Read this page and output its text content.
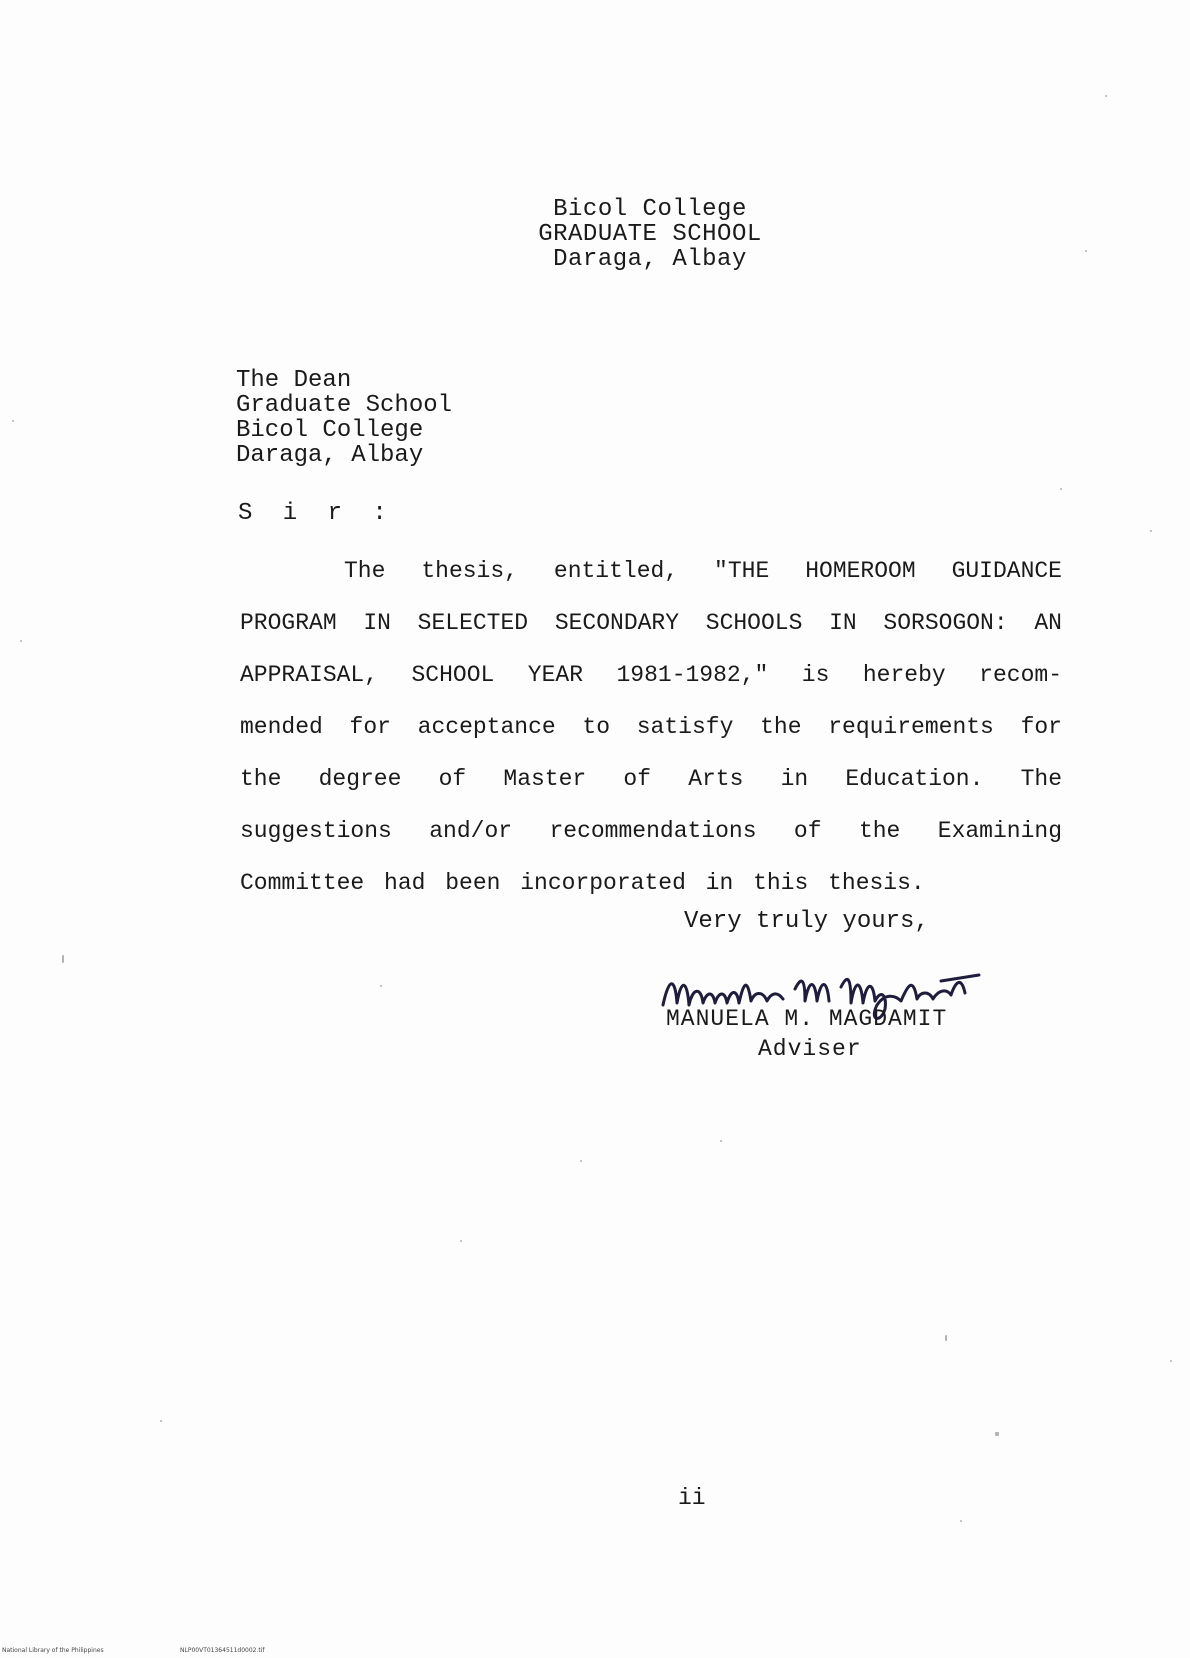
Bicol College
GRADUATE SCHOOL
Daraga, Albay
The Dean
Graduate School
Bicol College
Daraga, Albay
S i r :
The thesis, entitled, "THE HOMEROOM GUIDANCE PROGRAM IN SELECTED SECONDARY SCHOOLS IN SORSOGON: AN APPRAISAL, SCHOOL YEAR 1981-1982," is hereby recom- mended for acceptance to satisfy the requirements for the degree of Master of Arts in Education. The suggestions and/or recommendations of the Examining Committee had been incorporated in this thesis.
Very truly yours,
MANUELA M. MAGDAMIT
Adviser
ii
National Library of the Philippines	NLP00VT01364511d0002.tif
